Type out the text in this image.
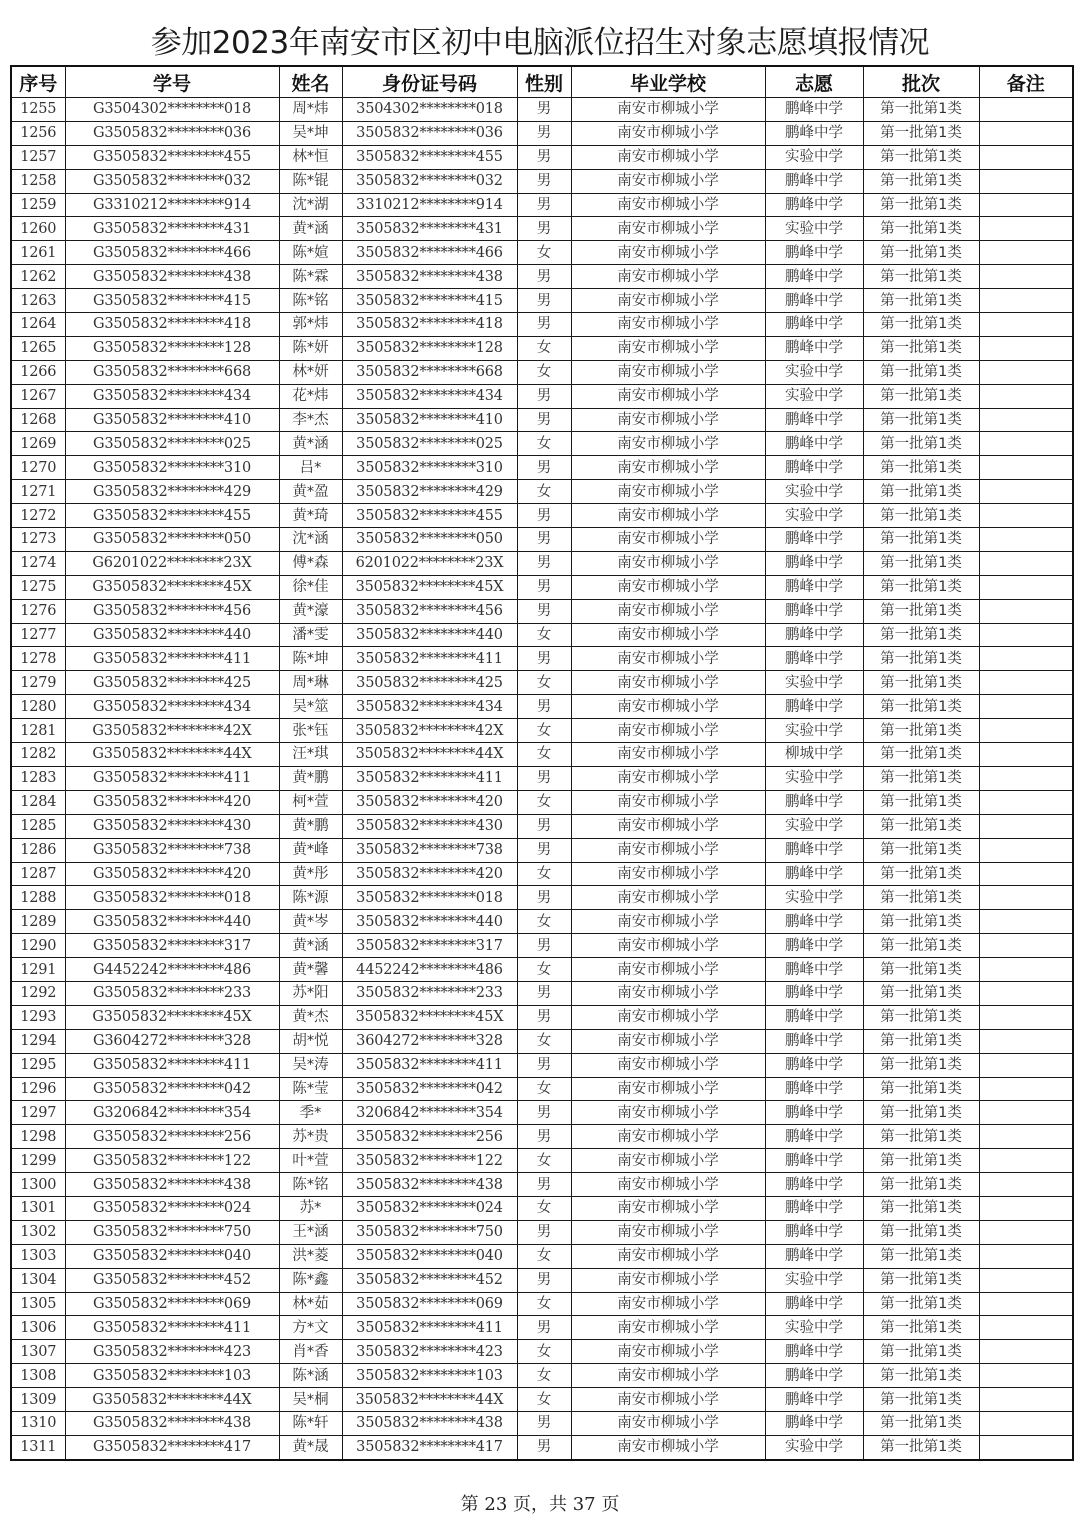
参加2023年南安市区初中电脑派位招生对象志愿填报情况
序号	学号	姓名	身份证号码	性别	毕业学校	志愿	批次	备注
1255	G3504302********018	周*炜	3504302********018	男	南安市柳城小学	鹏峰中学	第一批第1类	
1256	G3505832********036	吴*坤	3505832********036	男	南安市柳城小学	鹏峰中学	第一批第1类	
1257	G3505832********455	林*恒	3505832********455	男	南安市柳城小学	实验中学	第一批第1类	
1258	G3505832********032	陈*锟	3505832********032	男	南安市柳城小学	鹏峰中学	第一批第1类	
1259	G3310212********914	沈*湖	3310212********914	男	南安市柳城小学	鹏峰中学	第一批第1类	
1260	G3505832********431	黄*涵	3505832********431	男	南安市柳城小学	实验中学	第一批第1类	
1261	G3505832********466	陈*媗	3505832********466	女	南安市柳城小学	鹏峰中学	第一批第1类	
1262	G3505832********438	陈*霖	3505832********438	男	南安市柳城小学	鹏峰中学	第一批第1类	
1263	G3505832********415	陈*铭	3505832********415	男	南安市柳城小学	鹏峰中学	第一批第1类	
1264	G3505832********418	郭*炜	3505832********418	男	南安市柳城小学	鹏峰中学	第一批第1类	
1265	G3505832********128	陈*妍	3505832********128	女	南安市柳城小学	鹏峰中学	第一批第1类	
1266	G3505832********668	林*妍	3505832********668	女	南安市柳城小学	实验中学	第一批第1类	
1267	G3505832********434	花*炜	3505832********434	男	南安市柳城小学	实验中学	第一批第1类	
1268	G3505832********410	李*杰	3505832********410	男	南安市柳城小学	鹏峰中学	第一批第1类	
1269	G3505832********025	黄*涵	3505832********025	女	南安市柳城小学	鹏峰中学	第一批第1类	
1270	G3505832********310	吕*	3505832********310	男	南安市柳城小学	鹏峰中学	第一批第1类	
1271	G3505832********429	黄*盈	3505832********429	女	南安市柳城小学	实验中学	第一批第1类	
1272	G3505832********455	黄*琦	3505832********455	男	南安市柳城小学	实验中学	第一批第1类	
1273	G3505832********050	沈*涵	3505832********050	男	南安市柳城小学	鹏峰中学	第一批第1类	
1274	G6201022********23X	傅*森	6201022********23X	男	南安市柳城小学	鹏峰中学	第一批第1类	
1275	G3505832********45X	徐*佳	3505832********45X	男	南安市柳城小学	鹏峰中学	第一批第1类	
1276	G3505832********456	黄*濠	3505832********456	男	南安市柳城小学	鹏峰中学	第一批第1类	
1277	G3505832********440	潘*雯	3505832********440	女	南安市柳城小学	鹏峰中学	第一批第1类	
1278	G3505832********411	陈*坤	3505832********411	男	南安市柳城小学	鹏峰中学	第一批第1类	
1279	G3505832********425	周*琳	3505832********425	女	南安市柳城小学	实验中学	第一批第1类	
1280	G3505832********434	吴*筮	3505832********434	男	南安市柳城小学	鹏峰中学	第一批第1类	
1281	G3505832********42X	张*钰	3505832********42X	女	南安市柳城小学	实验中学	第一批第1类	
1282	G3505832********44X	汪*琪	3505832********44X	女	南安市柳城小学	柳城中学	第一批第1类	
1283	G3505832********411	黄*鹏	3505832********411	男	南安市柳城小学	实验中学	第一批第1类	
1284	G3505832********420	柯*萱	3505832********420	女	南安市柳城小学	鹏峰中学	第一批第1类	
1285	G3505832********430	黄*鹏	3505832********430	男	南安市柳城小学	实验中学	第一批第1类	
1286	G3505832********738	黄*峰	3505832********738	男	南安市柳城小学	鹏峰中学	第一批第1类	
1287	G3505832********420	黄*彤	3505832********420	女	南安市柳城小学	鹏峰中学	第一批第1类	
1288	G3505832********018	陈*源	3505832********018	男	南安市柳城小学	实验中学	第一批第1类	
1289	G3505832********440	黄*岑	3505832********440	女	南安市柳城小学	鹏峰中学	第一批第1类	
1290	G3505832********317	黄*涵	3505832********317	男	南安市柳城小学	鹏峰中学	第一批第1类	
1291	G4452242********486	黄*馨	4452242********486	女	南安市柳城小学	鹏峰中学	第一批第1类	
1292	G3505832********233	苏*阳	3505832********233	男	南安市柳城小学	鹏峰中学	第一批第1类	
1293	G3505832********45X	黄*杰	3505832********45X	男	南安市柳城小学	鹏峰中学	第一批第1类	
1294	G3604272********328	胡*悦	3604272********328	女	南安市柳城小学	鹏峰中学	第一批第1类	
1295	G3505832********411	吴*涛	3505832********411	男	南安市柳城小学	鹏峰中学	第一批第1类	
1296	G3505832********042	陈*莹	3505832********042	女	南安市柳城小学	鹏峰中学	第一批第1类	
1297	G3206842********354	季*	3206842********354	男	南安市柳城小学	鹏峰中学	第一批第1类	
1298	G3505832********256	苏*贵	3505832********256	男	南安市柳城小学	鹏峰中学	第一批第1类	
1299	G3505832********122	叶*萱	3505832********122	女	南安市柳城小学	鹏峰中学	第一批第1类	
1300	G3505832********438	陈*铭	3505832********438	男	南安市柳城小学	鹏峰中学	第一批第1类	
1301	G3505832********024	苏*	3505832********024	女	南安市柳城小学	鹏峰中学	第一批第1类	
1302	G3505832********750	王*涵	3505832********750	男	南安市柳城小学	鹏峰中学	第一批第1类	
1303	G3505832********040	洪*菱	3505832********040	女	南安市柳城小学	鹏峰中学	第一批第1类	
1304	G3505832********452	陈*鑫	3505832********452	男	南安市柳城小学	实验中学	第一批第1类	
1305	G3505832********069	林*茹	3505832********069	女	南安市柳城小学	鹏峰中学	第一批第1类	
1306	G3505832********411	方*文	3505832********411	男	南安市柳城小学	实验中学	第一批第1类	
1307	G3505832********423	肖*香	3505832********423	女	南安市柳城小学	鹏峰中学	第一批第1类	
1308	G3505832********103	陈*涵	3505832********103	女	南安市柳城小学	鹏峰中学	第一批第1类	
1309	G3505832********44X	吴*桐	3505832********44X	女	南安市柳城小学	鹏峰中学	第一批第1类	
1310	G3505832********438	陈*轩	3505832********438	男	南安市柳城小学	鹏峰中学	第一批第1类	
1311	G3505832********417	黄*晟	3505832********417	男	南安市柳城小学	实验中学	第一批第1类	
第 23 页，共 37 页
